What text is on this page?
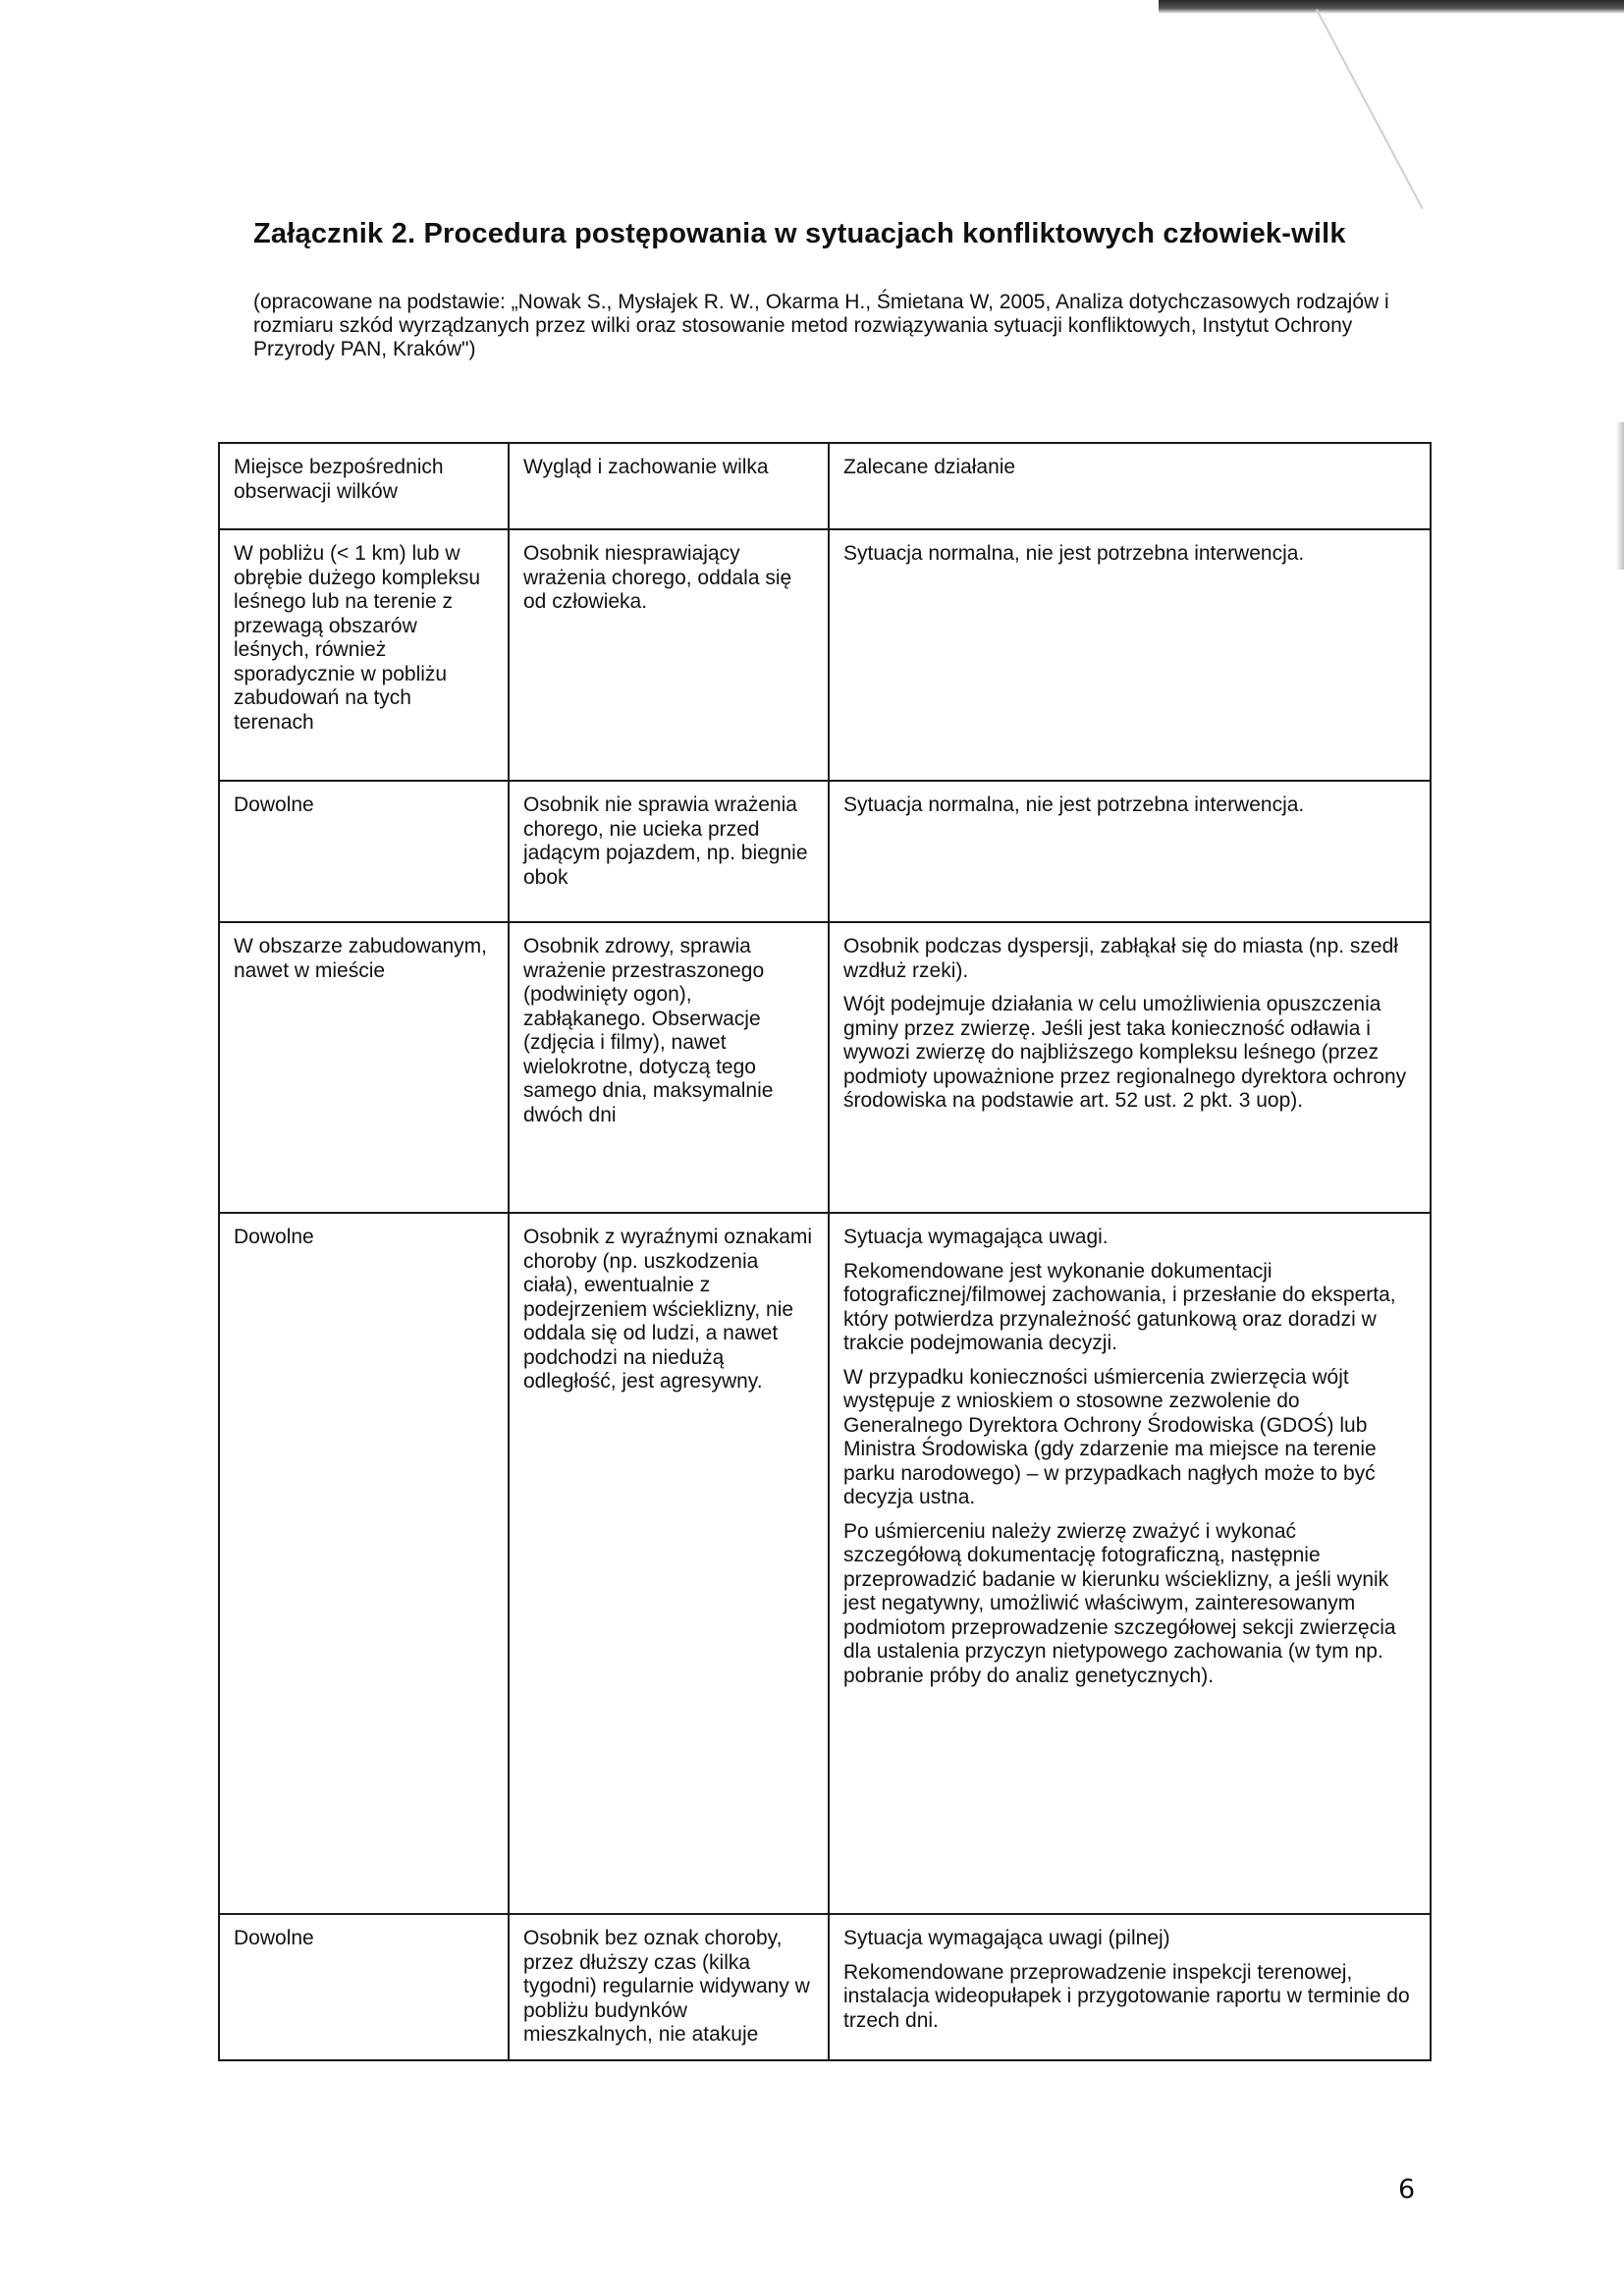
Załącznik 2. Procedura postępowania w sytuacjach konfliktowych człowiek-wilk
(opracowane na podstawie: „Nowak S., Mysłajek R. W., Okarma H., Śmietana W, 2005, Analiza dotychczasowych rodzajów i rozmiaru szkód wyrządzanych przez wilki oraz stosowanie metod rozwiązywania sytuacji konfliktowych, Instytut Ochrony Przyrody PAN, Kraków")
Miejsce bezpośrednich obserwacji wilków	Wygląd i zachowanie wilka	Zalecane działanie
W pobliżu (< 1 km) lub w obrębie dużego kompleksu leśnego lub na terenie z przewagą obszarów leśnych, również sporadycznie w pobliżu zabudowań na tych terenach	Osobnik niesprawiający wrażenia chorego, oddala się od człowieka.	Sytuacja normalna, nie jest potrzebna interwencja.

Dowolne	Osobnik nie sprawia wrażenia chorego, nie ucieka przed jadącym pojazdem, np. biegnie obok	Sytuacja normalna, nie jest potrzebna interwencja.

W obszarze zabudowanym, nawet w mieście	Osobnik zdrowy, sprawia wrażenie przestraszonego (podwinięty ogon), zabłąkanego. Obserwacje (zdjęcia i filmy), nawet wielokrotne, dotyczą tego samego dnia, maksymalnie dwóch dni	Osobnik podczas dyspersji, zabłąkał się do miasta (np. szedł wzdłuż rzeki).

Wójt podejmuje działania w celu umożliwienia opuszczenia gminy przez zwierzę. Jeśli jest taka konieczność odławia i wywozi zwierzę do najbliższego kompleksu leśnego (przez podmioty upoważnione przez regionalnego dyrektora ochrony środowiska na podstawie art. 52 ust. 2 pkt. 3 uop).

Dowolne	Osobnik z wyraźnymi oznakami choroby (np. uszkodzenia ciała), ewentualnie z podejrzeniem wścieklizny, nie oddala się od ludzi, a nawet podchodzi na niedużą odległość, jest agresywny.	Sytuacja wymagająca uwagi.

Rekomendowane jest wykonanie dokumentacji fotograficznej/filmowej zachowania, i przesłanie do eksperta, który potwierdza przynależność gatunkową oraz doradzi w trakcie podejmowania decyzji.

W przypadku konieczności uśmiercenia zwierzęcia wójt występuje z wnioskiem o stosowne zezwolenie do Generalnego Dyrektora Ochrony Środowiska (GDOŚ) lub Ministra Środowiska (gdy zdarzenie ma miejsce na terenie parku narodowego) – w przypadkach nagłych może to być decyzja ustna.

Po uśmierceniu należy zwierzę zważyć i wykonać szczegółową dokumentację fotograficzną, następnie przeprowadzić badanie w kierunku wścieklizny, a jeśli wynik jest negatywny, umożliwić właściwym, zainteresowanym podmiotom przeprowadzenie szczegółowej sekcji zwierzęcia dla ustalenia przyczyn nietypowego zachowania (w tym np. pobranie próby do analiz genetycznych).

Dowolne	Osobnik bez oznak choroby, przez dłuższy czas (kilka tygodni) regularnie widywany w pobliżu budynków mieszkalnych, nie atakuje	Sytuacja wymagająca uwagi (pilnej)

Rekomendowane przeprowadzenie inspekcji terenowej, instalacja wideopułapek i przygotowanie raportu w terminie do trzech dni.

6
